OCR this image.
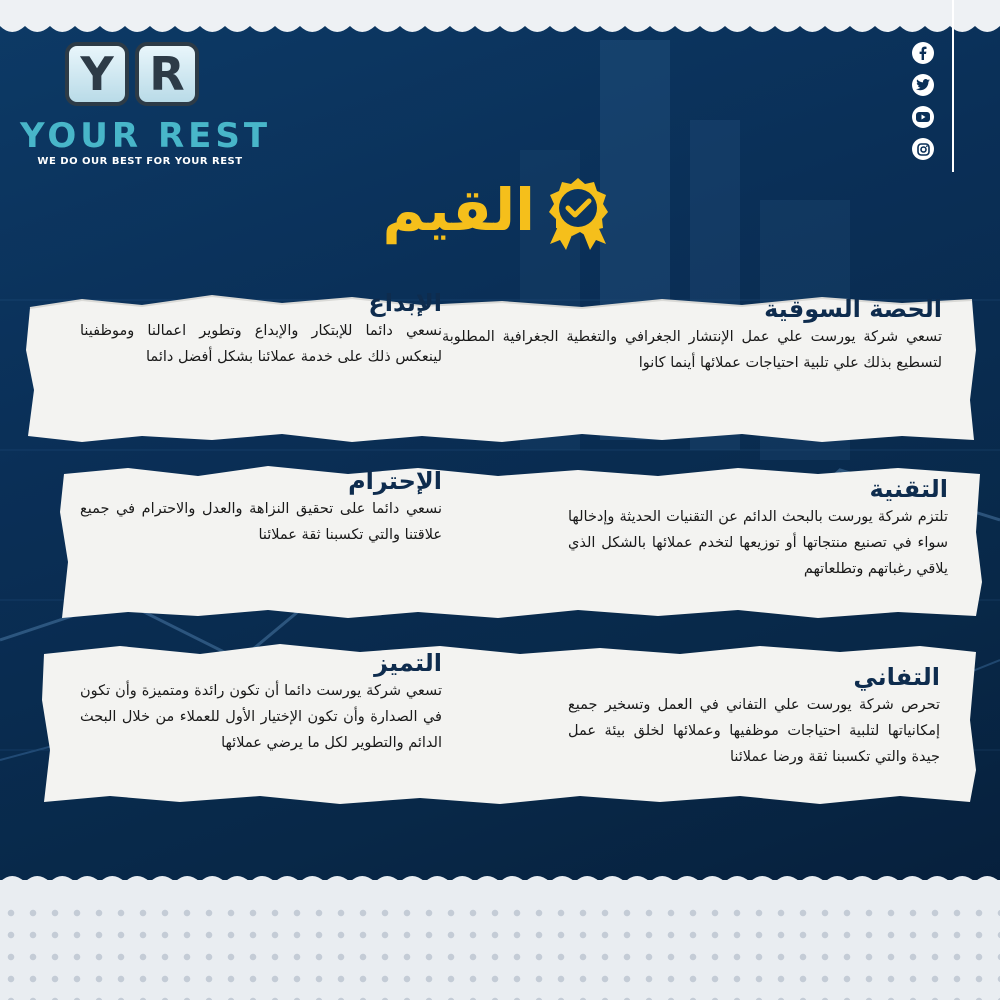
Y R
YOUR REST
WE DO OUR BEST FOR YOUR REST
القيم
الحصة السوقية

تسعي شركة يورست علي عمل الإنتشار الجغرافي والتغطية الجغرافية المطلوبة لتسطيع بذلك علي تلبية احتياجات عملائها أينما كانوا

الإبداع

نسعي دائما للإبتكار والإبداع وتطوير اعمالنا وموظفينا لينعكس ذلك على خدمة عملائنا بشكل أفضل دائما

التقنية

تلتزم شركة يورست بالبحث الدائم عن التقنيات الحديثة وإدخالها سواء في تصنيع منتجاتها أو توزيعها لتخدم عملائها بالشكل الذي يلاقي رغباتهم وتطلعاتهم

الإحترام

نسعي دائما على تحقيق النزاهة والعدل والاحترام في جميع علاقتنا والتي تكسبنا ثقة عملائنا

التفاني

تحرص شركة يورست علي التفاني في العمل وتسخير جميع إمكانياتها لتلبية احتياجات موظفيها وعملائها لخلق بيئة عمل جيدة والتي تكسبنا ثقة ورضا عملائنا

التميز

تسعي شركة يورست دائما أن تكون رائدة ومتميزة وأن تكون في الصدارة وأن تكون الإختيار الأول للعملاء من خلال البحث الدائم والتطوير لكل ما يرضي عملائها
